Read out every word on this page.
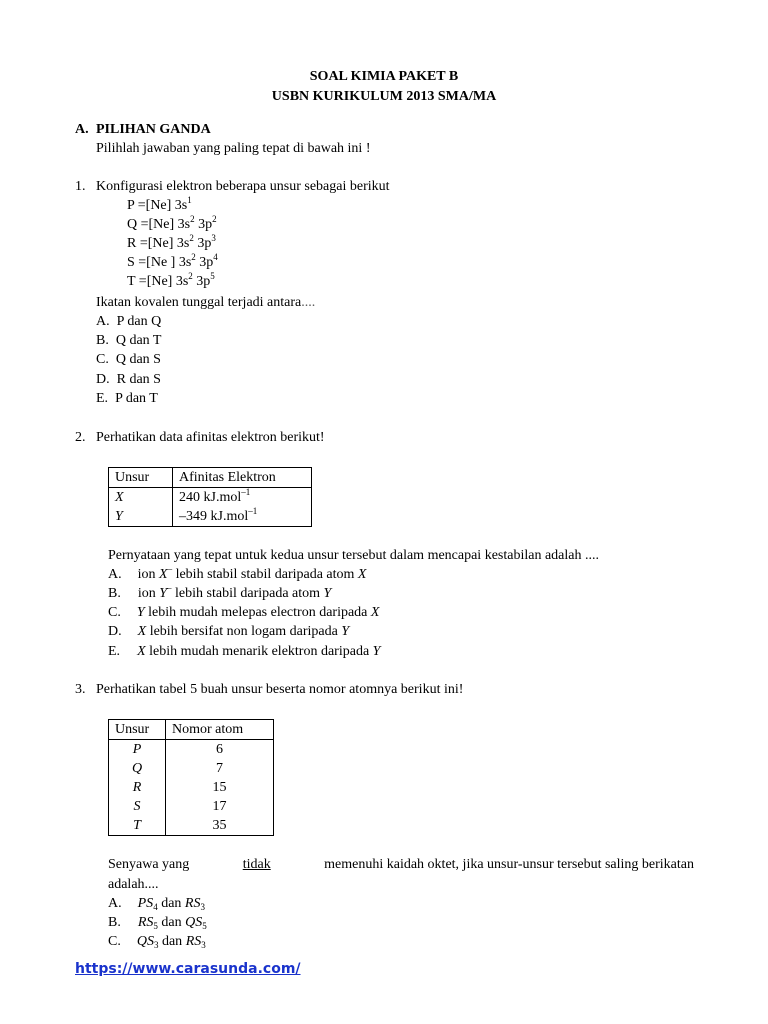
SOAL KIMIA PAKET B
USBN KURIKULUM 2013 SMA/MA
A. PILIHAN GANDA
Pilihlah jawaban yang paling tepat di bawah ini !
1. Konfigurasi elektron beberapa unsur sebagai berikut
P =[Ne] $3s^1$
Q =[Ne] $3s^2$ $3p^2$
R =[Ne] $3s^2$ $3p^3$
S =[Ne ] $3s^2$ $3p^4$
T =[Ne] $3s^2$ $3p^5$
Ikatan kovalen tunggal terjadi antara....
A. P dan Q
B. Q dan T
C. Q dan S
D. R dan S
E. P dan T
2. Perhatikan data afinitas elektron berikut!
Unsur	Afinitas Elektron
X	240 kJ.mol$^{-1}$
Y	–349 kJ.mol$^{-1}$
Pernyataan yang tepat untuk kedua unsur tersebut dalam mencapai kestabilan adalah ....
A. ion X– lebih stabil stabil daripada atom X
B. ion Y– lebih stabil daripada atom Y
C. Y lebih mudah melepas electron daripada X
D. X lebih bersifat non logam daripada Y
E. X lebih mudah menarik elektron daripada Y
3. Perhatikan tabel 5 buah unsur beserta nomor atomnya berikut ini!
Unsur	Nomor atom
P	6
Q	7
R	15
S	17
T	35
Senyawa yang	tidak	memenuhi kaidah oktet, jika unsur-unsur tersebut saling berikatan
adalah....
A. $PS_4$ dan $RS_3$
B. $RS_5$ dan $QS_5$
C. $QS_3$ dan $RS_3$
https://www.carasunda.com/
